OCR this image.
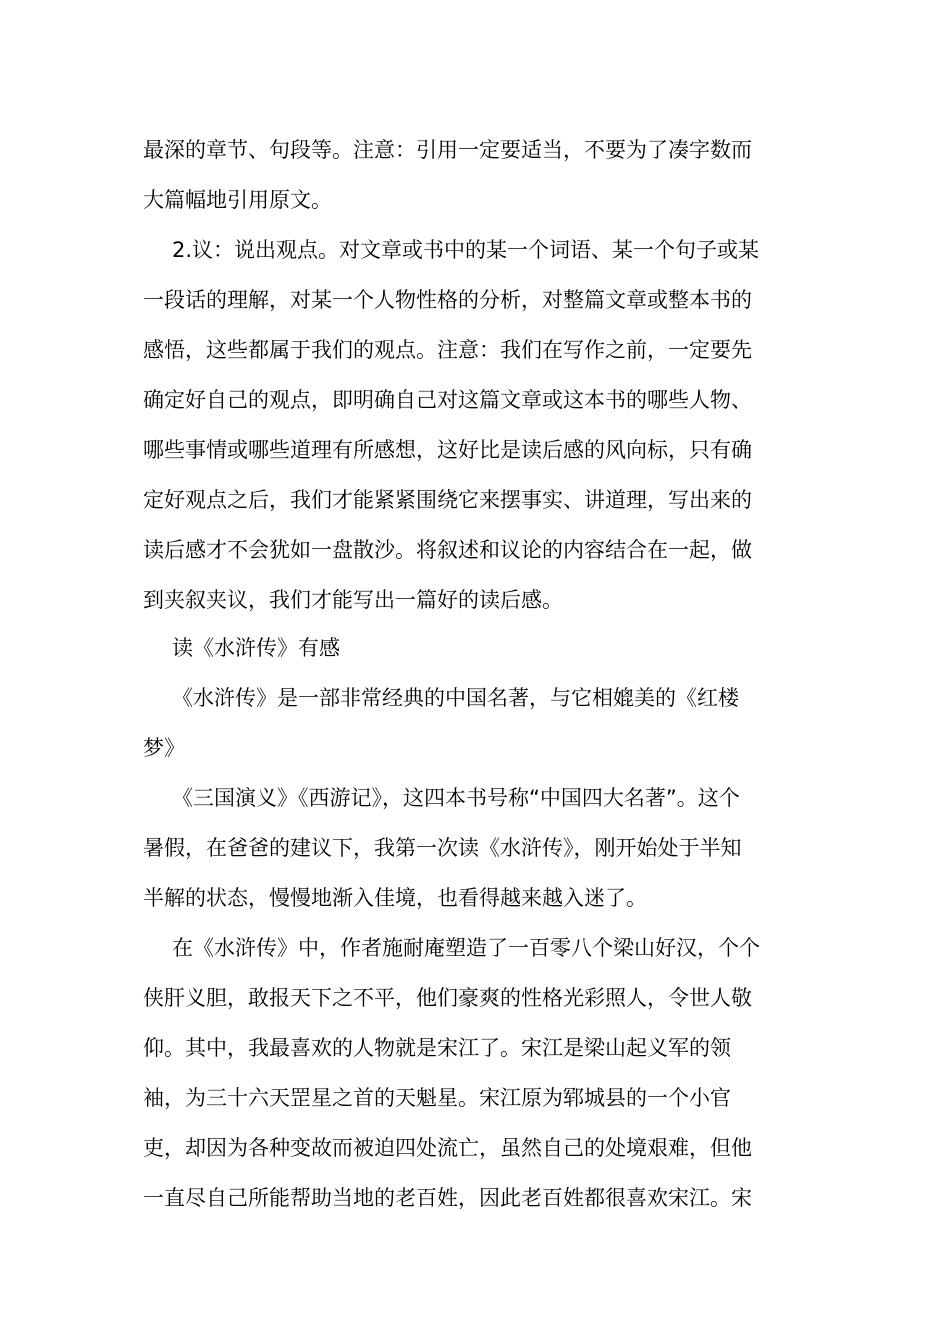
最深的章节、句段等。注意：引用一定要适当，不要为了凑字数而

大篇幅地引用原文。

2.议：说出观点。对文章或书中的某一个词语、某一个句子或某

一段话的理解，对某一个人物性格的分析，对整篇文章或整本书的

感悟，这些都属于我们的观点。注意：我们在写作之前，一定要先

确定好自己的观点，即明确自己对这篇文章或这本书的哪些人物、

哪些事情或哪些道理有所感想，这好比是读后感的风向标，只有确

定好观点之后，我们才能紧紧围绕它来摆事实、讲道理，写出来的

读后感才不会犹如一盘散沙。将叙述和议论的内容结合在一起，做

到夹叙夹议，我们才能写出一篇好的读后感。

读《水浒传》有感

《水浒传》是一部非常经典的中国名著，与它相媲美的《红楼

梦》

《三国演义》《西游记》，这四本书号称“中国四大名著”。这个

暑假，在爸爸的建议下，我第一次读《水浒传》，刚开始处于半知

半解的状态，慢慢地渐入佳境，也看得越来越入迷了。

在《水浒传》中，作者施耐庵塑造了一百零八个梁山好汉，个个

侠肝义胆，敢报天下之不平，他们豪爽的性格光彩照人，令世人敬

仰。其中，我最喜欢的人物就是宋江了。宋江是梁山起义军的领

袖，为三十六天罡星之首的天魁星。宋江原为郓城县的一个小官

吏，却因为各种变故而被迫四处流亡，虽然自己的处境艰难，但他

一直尽自己所能帮助当地的老百姓，因此老百姓都很喜欢宋江。宋
